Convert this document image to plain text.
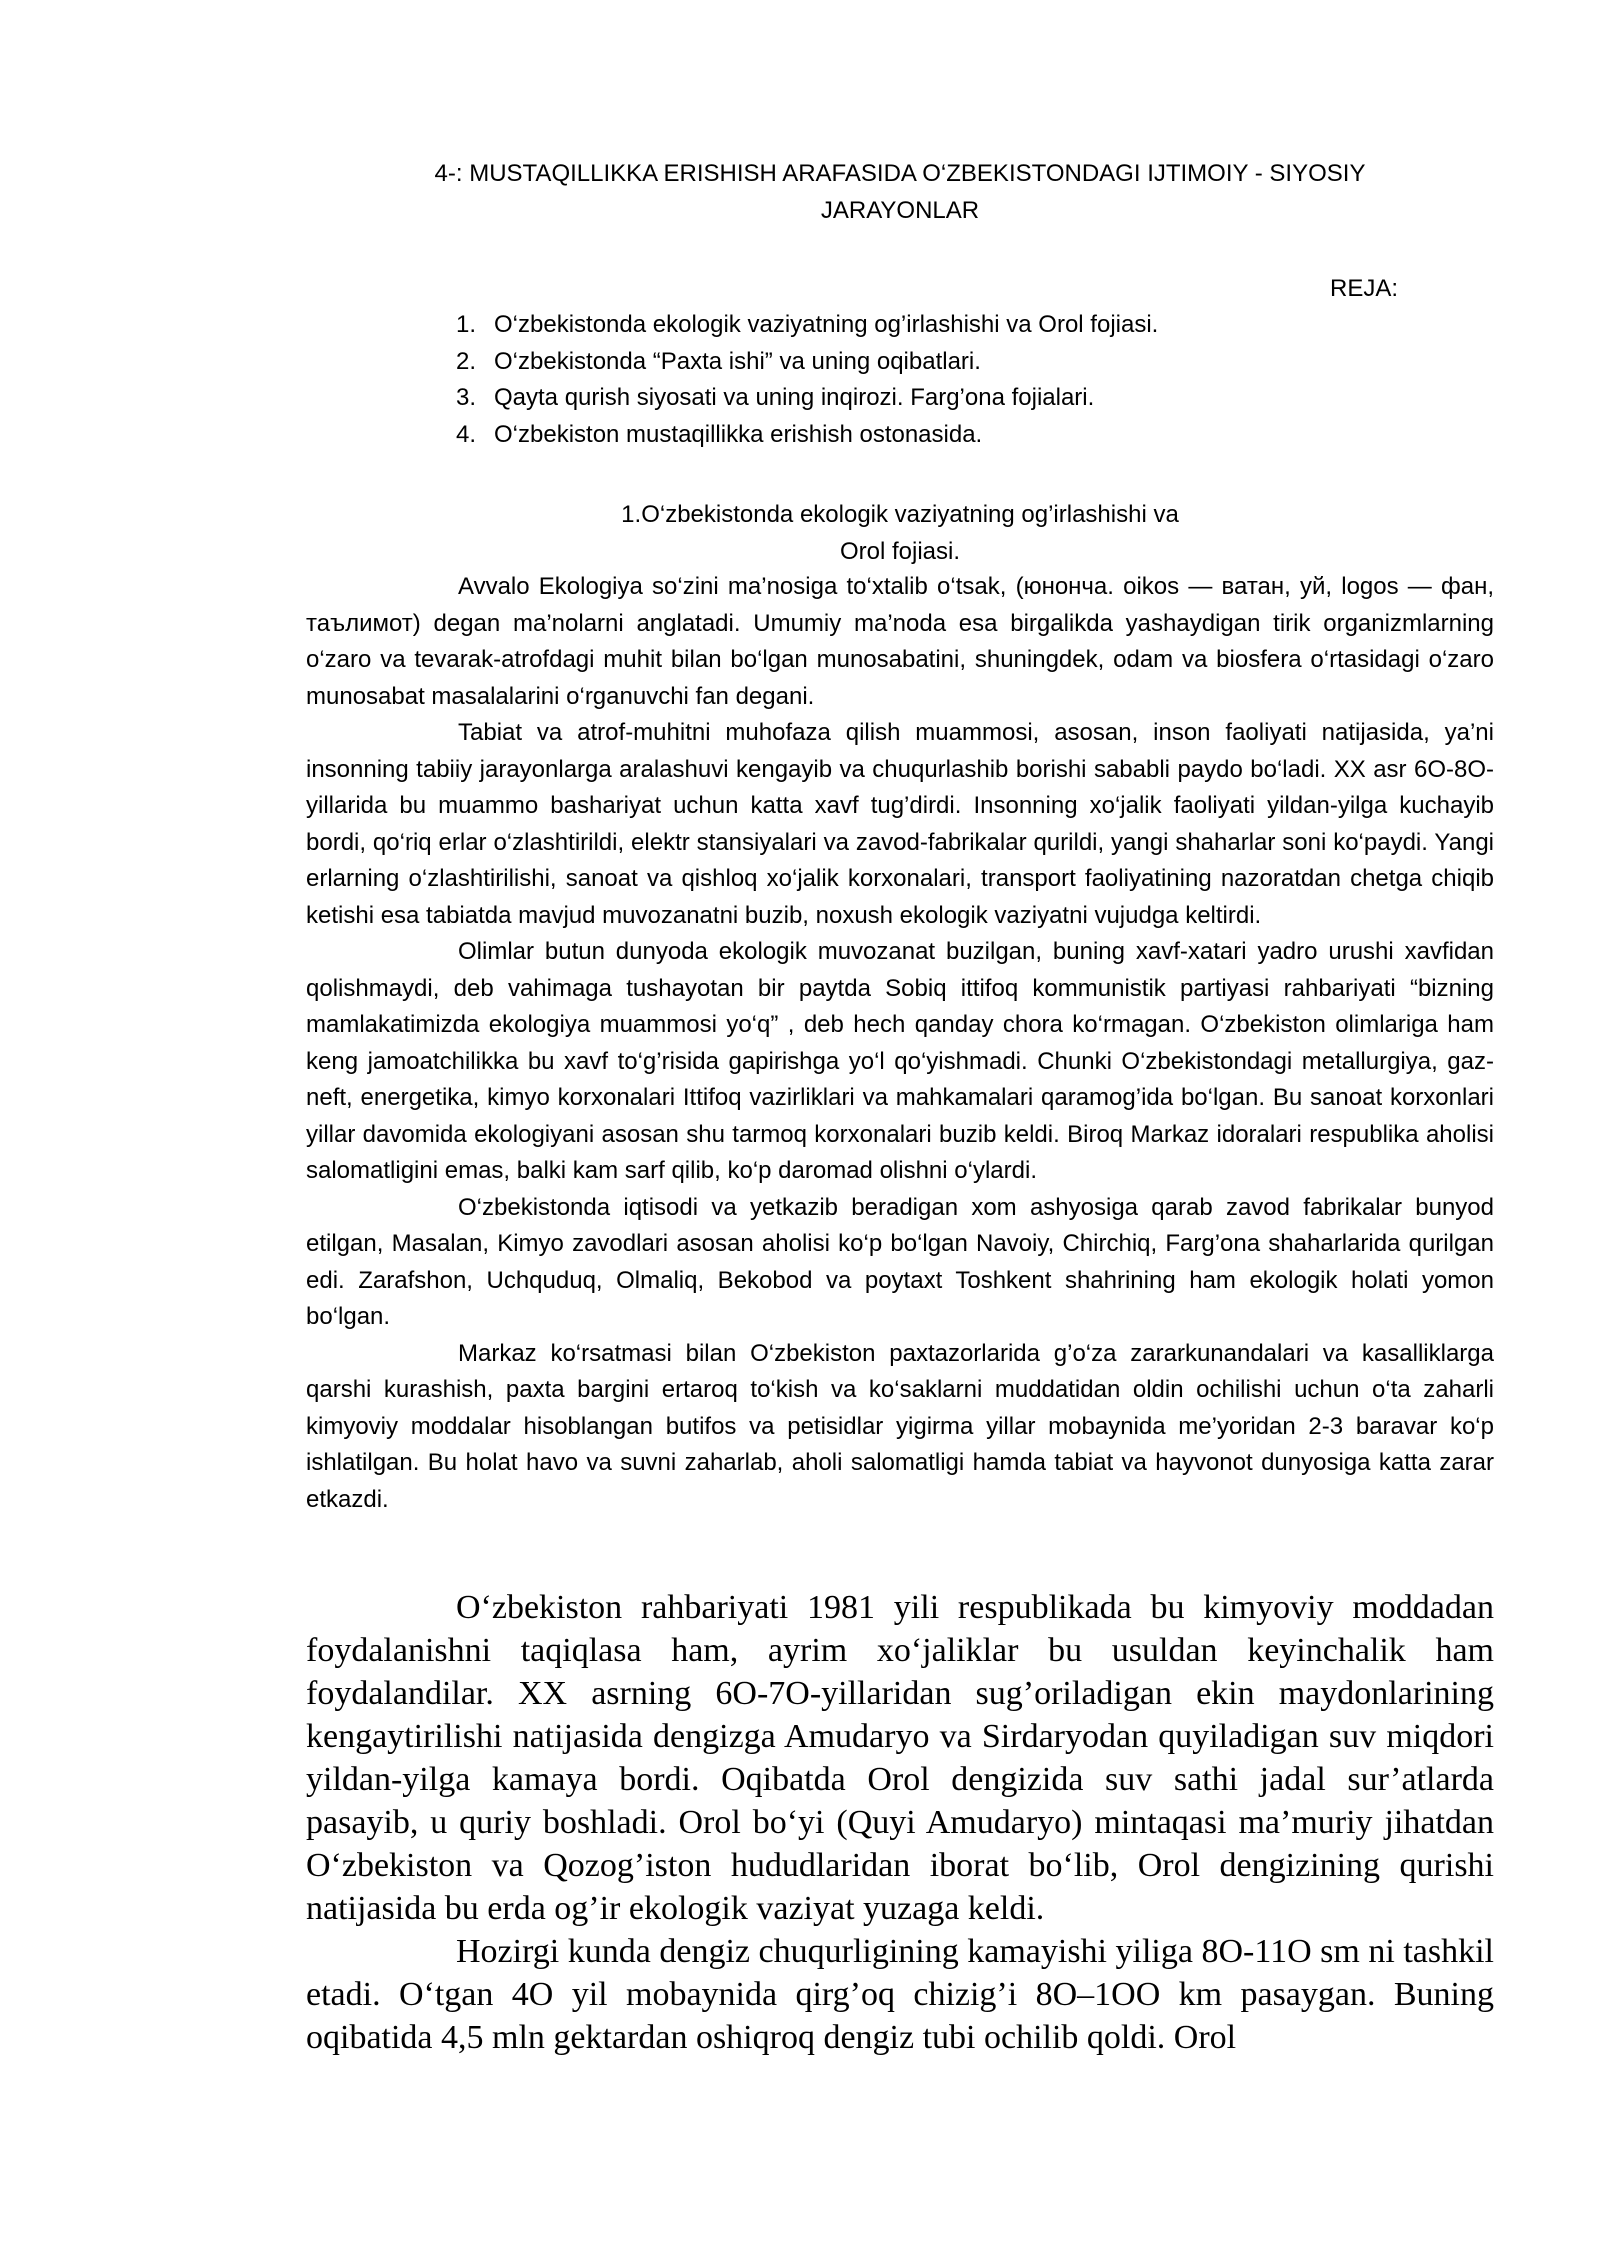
4-: MUSTAQILLIKKA ERISHISH ARAFASIDA O‘ZBEKISTONDAGI IJTIMOIY - SIYOSIY
JARAYONLAR
REJA:
1. O‘zbekistonda ekologik vaziyatning og’irlashishi va Orol fojiasi.
2. O‘zbekistonda “Paxta ishi” va uning oqibatlari.
3. Qayta qurish siyosati va uning inqirozi. Farg’ona fojialari.
4. O‘zbekiston mustaqillikka erishish ostonasida.
1.O‘zbekistonda ekologik vaziyatning og’irlashishi va
Orol fojiasi.

Avvalo Ekologiya so‘zini ma’nosiga to‘xtalib o‘tsak, (юнонча. oikos — ватан, уй, logos — фан, таълимот) degan ma’nolarni anglatadi. Umumiy ma’noda esa birgalikda yashaydigan tirik organizmlarning o‘zaro va tevarak-atrofdagi muhit bilan bo‘lgan munosabatini, shuningdek, odam va biosfera o‘rtasidagi o‘zaro munosabat masalalarini o‘rganuvchi fan degani.

Tabiat va atrof-muhitni muhofaza qilish muammosi, asosan, inson faoliyati natijasida, ya’ni insonning tabiiy jarayonlarga aralashuvi kengayib va chuqurlashib borishi sababli paydo bo‘ladi. XX asr 6O-8O-yillarida bu muammo bashariyat uchun katta xavf tug’dirdi. Insonning xo‘jalik faoliyati yildan-yilga kuchayib bordi, qo‘riq erlar o‘zlashtirildi, elektr stansiyalari va zavod-fabrikalar qurildi, yangi shaharlar soni ko‘paydi. Yangi erlarning o‘zlashtirilishi, sanoat va qishloq xo‘jalik korxonalari, transport faoliyatining nazoratdan chetga chiqib ketishi esa tabiatda mavjud muvozanatni buzib, noxush ekologik vaziyatni vujudga keltirdi.

Olimlar butun dunyoda ekologik muvozanat buzilgan, buning xavf-xatari yadro urushi xavfidan qolishmaydi, deb vahimaga tushayotan bir paytda Sobiq ittifoq kommunistik partiyasi rahbariyati “bizning mamlakatimizda ekologiya muammosi yo‘q” , deb hech qanday chora ko‘rmagan. O‘zbekiston olimlariga ham keng jamoatchilikka bu xavf to‘g’risida gapirishga yo‘l qo‘yishmadi. Chunki O‘zbekistondagi metallurgiya, gaz-neft, energetika, kimyo korxonalari Ittifoq vazirliklari va mahkamalari qaramog’ida bo‘lgan. Bu sanoat korxonlari yillar davomida ekologiyani asosan shu tarmoq korxonalari buzib keldi. Biroq Markaz idoralari respublika aholisi salomatligini emas, balki kam sarf qilib, ko‘p daromad olishni o‘ylardi.

O‘zbekistonda iqtisodi va yetkazib beradigan xom ashyosiga qarab zavod fabrikalar bunyod etilgan, Masalan, Kimyo zavodlari asosan aholisi ko‘p bo‘lgan Navoiy, Chirchiq, Farg’ona shaharlarida qurilgan edi. Zarafshon, Uchquduq, Olmaliq, Bekobod va poytaxt Toshkent shahrining ham ekologik holati yomon bo‘lgan.

Markaz ko‘rsatmasi bilan O‘zbekiston paxtazorlarida g’o‘za zararkunandalari va kasalliklarga qarshi kurashish, paxta bargini ertaroq to‘kish va ko‘saklarni muddatidan oldin ochilishi uchun o‘ta zaharli kimyoviy moddalar hisoblangan butifos va petisidlar yigirma yillar mobaynida me’yoridan 2-3 baravar ko‘p ishlatilgan. Bu holat havo va suvni zaharlab, aholi salomatligi hamda tabiat va hayvonot dunyosiga katta zarar etkazdi.

O‘zbekiston rahbariyati 1981 yili respublikada bu kimyoviy moddadan foydalanishni taqiqlasa ham, ayrim xo‘jaliklar bu usuldan keyinchalik ham foydalandilar. XX asrning 6O-7O-yillaridan sug’oriladigan ekin maydonlarining kengaytirilishi natijasida dengizga Amudaryo va Sirdaryodan quyiladigan suv miqdori yildan-yilga kamaya bordi. Oqibatda Orol dengizida suv sathi jadal sur’atlarda pasayib, u quriy boshladi. Orol bo‘yi (Quyi Amudaryo) mintaqasi ma’muriy jihatdan O‘zbekiston va Qozog’iston hududlaridan iborat bo‘lib, Orol dengizining qurishi natijasida bu erda og’ir ekologik vaziyat yuzaga keldi.

Hozirgi kunda dengiz chuqurligining kamayishi yiliga 8O-11O sm ni tashkil etadi. O‘tgan 4O yil mobaynida qirg’oq chizig’i 8O–1OO km pasaygan. Buning oqibatida 4,5 mln gektardan oshiqroq dengiz tubi ochilib qoldi. Orol
